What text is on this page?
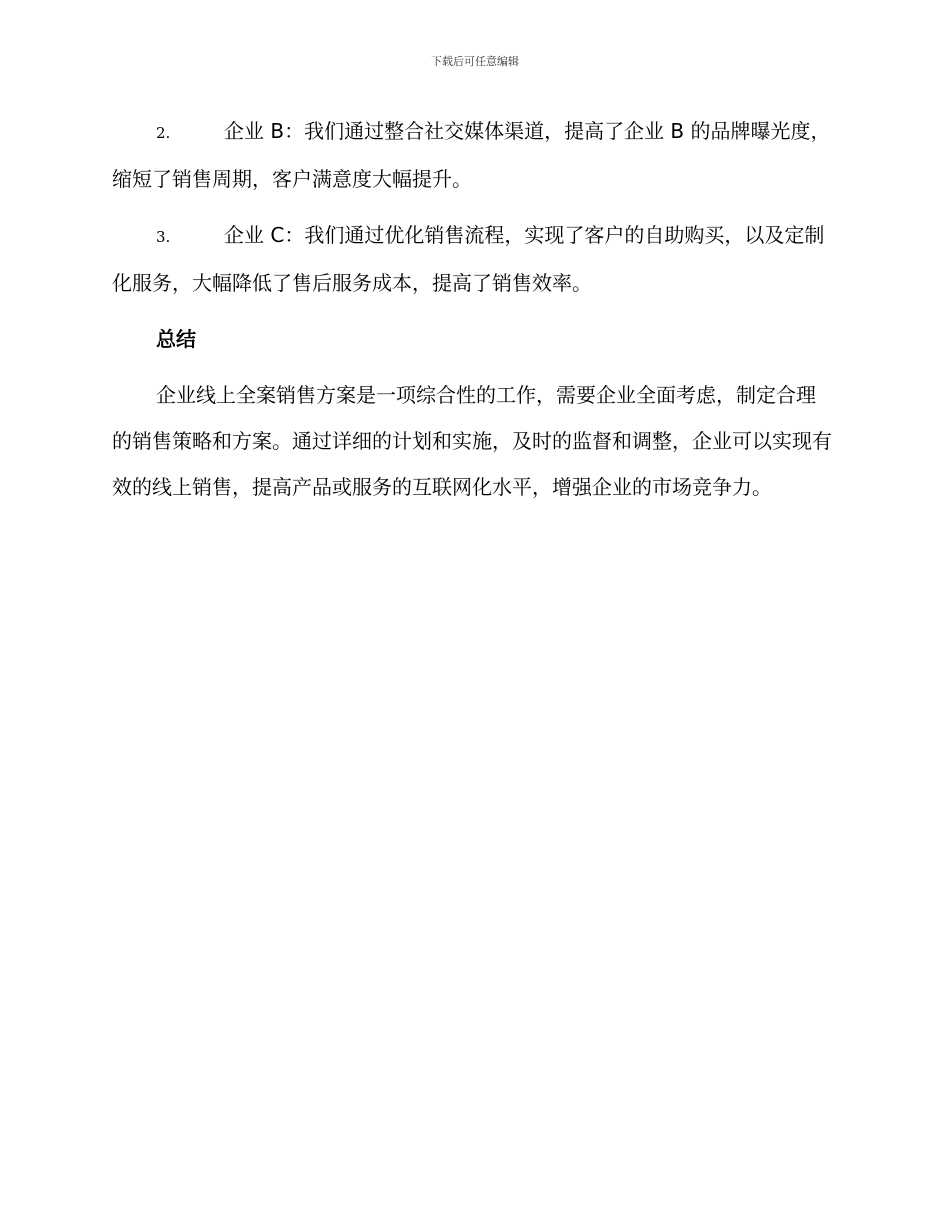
下载后可任意编辑

2.	企业 B：我们通过整合社交媒体渠道，提高了企业 B 的品牌曝光度，缩短了销售周期，客户满意度大幅提升。

3.	企业 C：我们通过优化销售流程，实现了客户的自助购买，以及定制化服务，大幅降低了售后服务成本，提高了销售效率。

总结

企业线上全案销售方案是一项综合性的工作，需要企业全面考虑，制定合理的销售策略和方案。通过详细的计划和实施，及时的监督和调整，企业可以实现有效的线上销售，提高产品或服务的互联网化水平，增强企业的市场竞争力。
